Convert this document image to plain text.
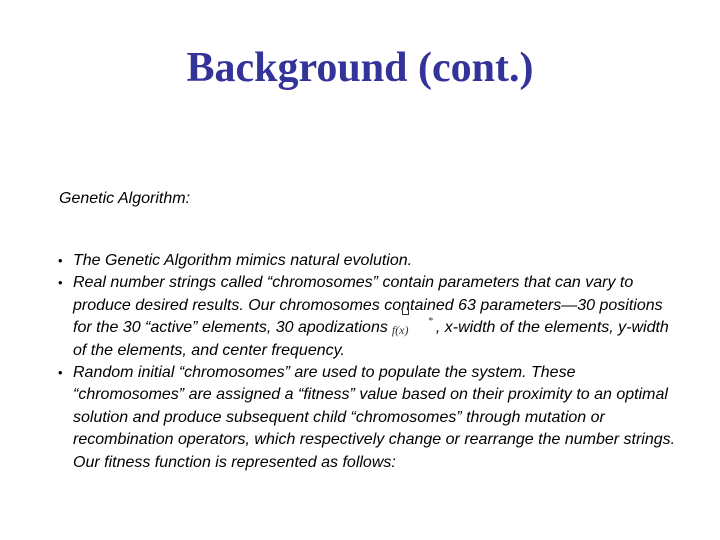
Background (cont.)

Genetic Algorithm:

• The Genetic Algorithm mimics natural evolution.

• Real number strings called “chromosomes” contain parameters that can vary to produce desired results. Our chromosomes contained 63 parameters—30 positions for the 30 “active” elements, 30 apodizations f(x)
* , x-width of the elements, y-width of the elements, and center frequency.

• Random initial “chromosomes” are used to populate the system. These “chromosomes” are assigned a “fitness” value based on their proximity to an optimal solution and produce subsequent child “chromosomes” through mutation or recombination operators, which respectively change or rearrange the number strings. Our fitness function is represented as follows:
